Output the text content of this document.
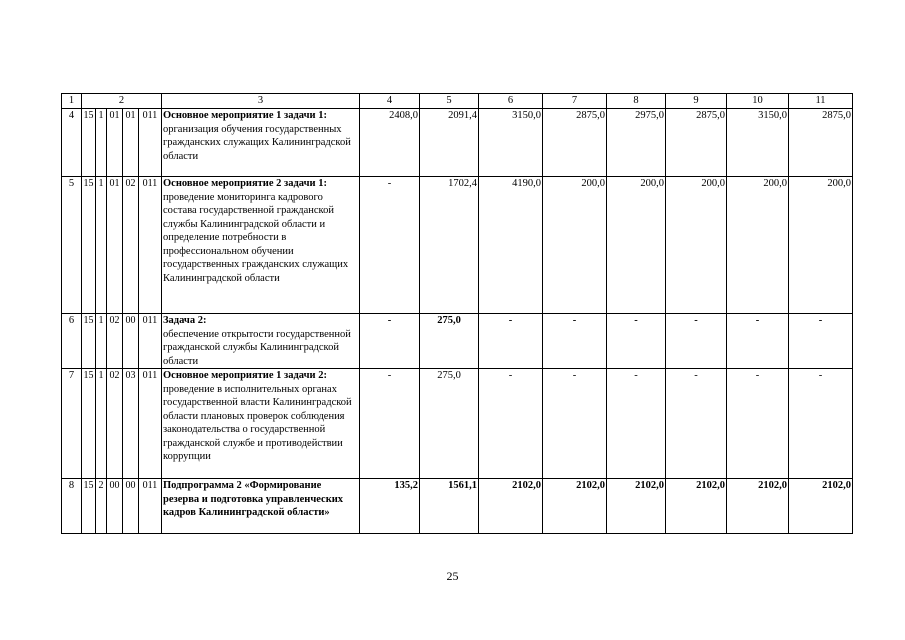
1	2					3	4	5	6	7	8	9	10	11
4	15	1	01	01	011	Основное мероприятие 1 задачи 1:
организация обучения государственных гражданских служащих Калининградской области	2408,0	2091,4	3150,0	2875,0	2975,0	2875,0	3150,0	2875,0
5	15	1	01	02	011	Основное мероприятие 2 задачи 1:
проведение мониторинга кадрового состава государственной гражданской службы Калининградской области и определение потребности в профессиональном обучении государственных гражданских служащих Калининградской области	-	1702,4	4190,0	200,0	200,0	200,0	200,0	200,0
6	15	1	02	00	011	Задача 2:
обеспечение открытости государственной гражданской службы Калининградской области	-	275,0	-	-	-	-	-	-
7	15	1	02	03	011	Основное мероприятие 1 задачи 2:
проведение в исполнительных органах государственной власти Калининградской области плановых проверок соблюдения законодательства о государственной гражданской службе и противодействии коррупции	-	275,0	-	-	-	-	-	-
8	15	2	00	00	011	Подпрограмма 2 «Формирование резерва и подготовка управленческих кадров Калининградской области»	135,2	1561,1	2102,0	2102,0	2102,0	2102,0	2102,0	2102,0
25
